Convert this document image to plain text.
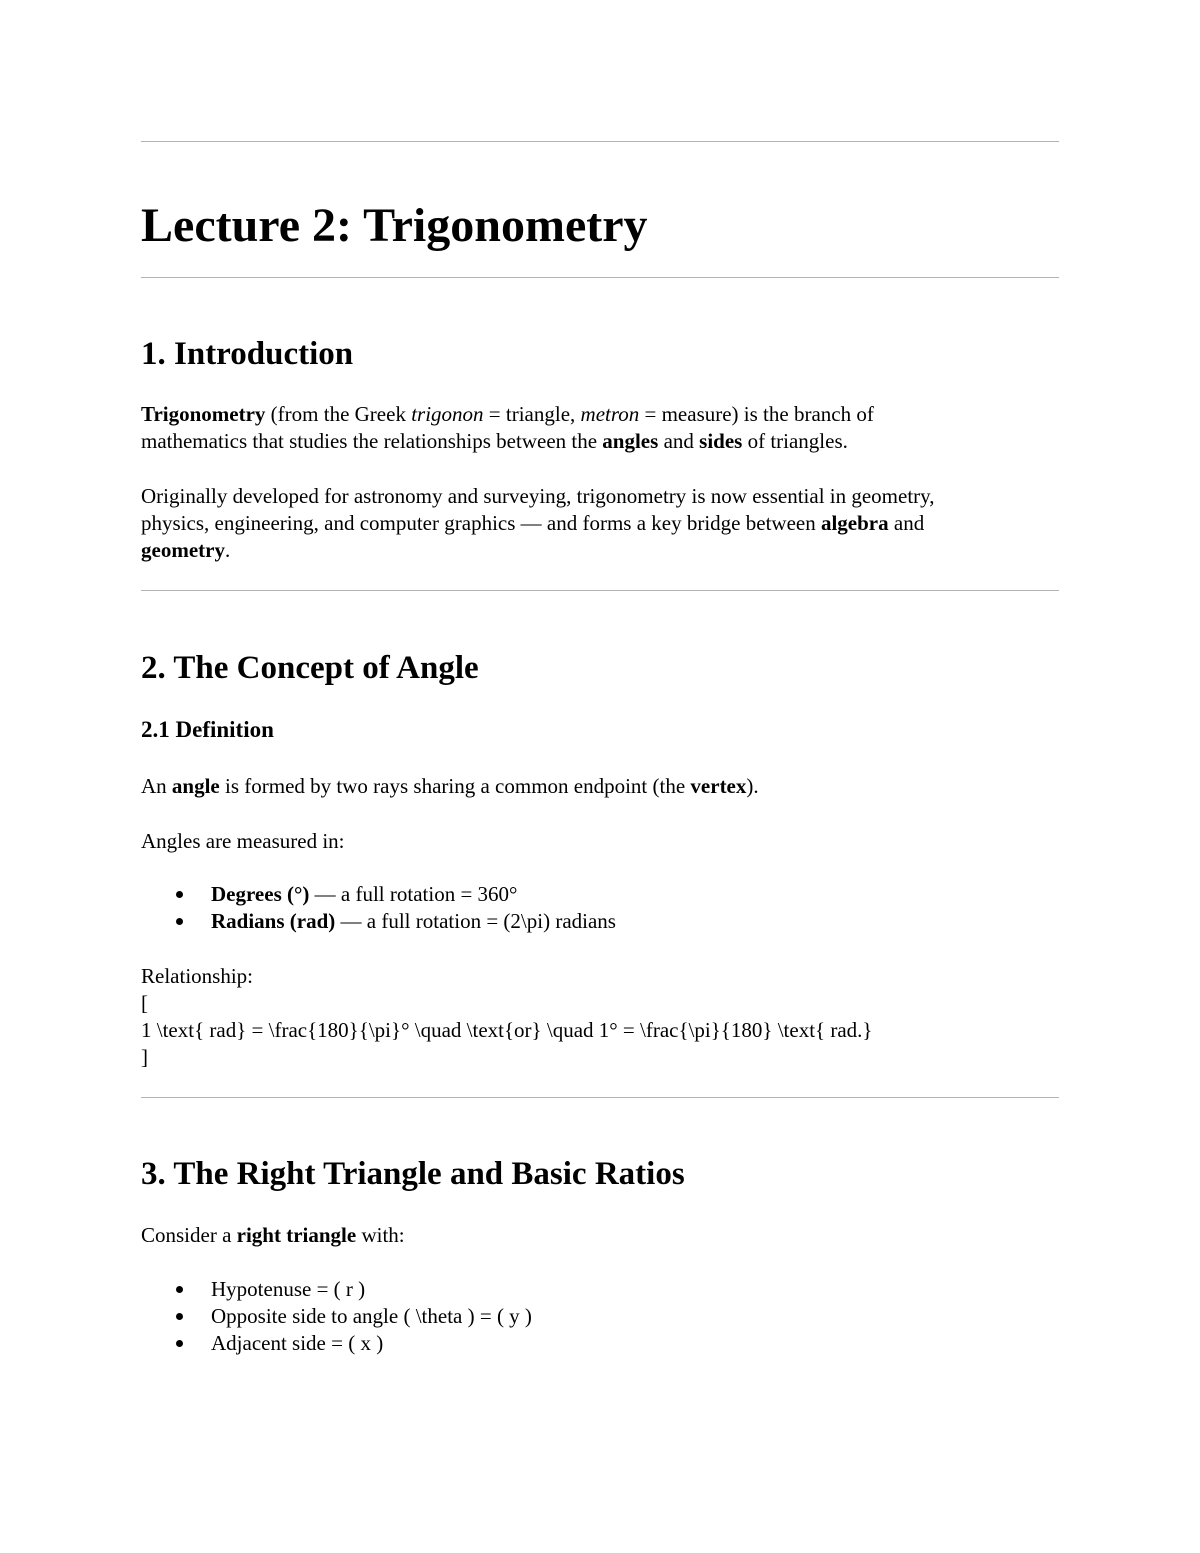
Lecture 2: Trigonometry
1. Introduction

Trigonometry (from the Greek trigonon = triangle, metron = measure) is the branch of
mathematics that studies the relationships between the angles and sides of triangles.

Originally developed for astronomy and surveying, trigonometry is now essential in geometry,
physics, engineering, and computer graphics — and forms a key bridge between algebra and
geometry.

2. The Concept of Angle
2.1 Definition

An angle is formed by two rays sharing a common endpoint (the vertex).

Angles are measured in:

Degrees (°) — a full rotation = 360°
Radians (rad) — a full rotation = (2\pi) radians

Relationship:
[
1 \text{ rad} = \frac{180}{\pi}° \quad \text{or} \quad 1° = \frac{\pi}{180} \text{ rad.}
]

3. The Right Triangle and Basic Ratios

Consider a right triangle with:

Hypotenuse = ( r )
Opposite side to angle ( \theta ) = ( y )
Adjacent side = ( x )
